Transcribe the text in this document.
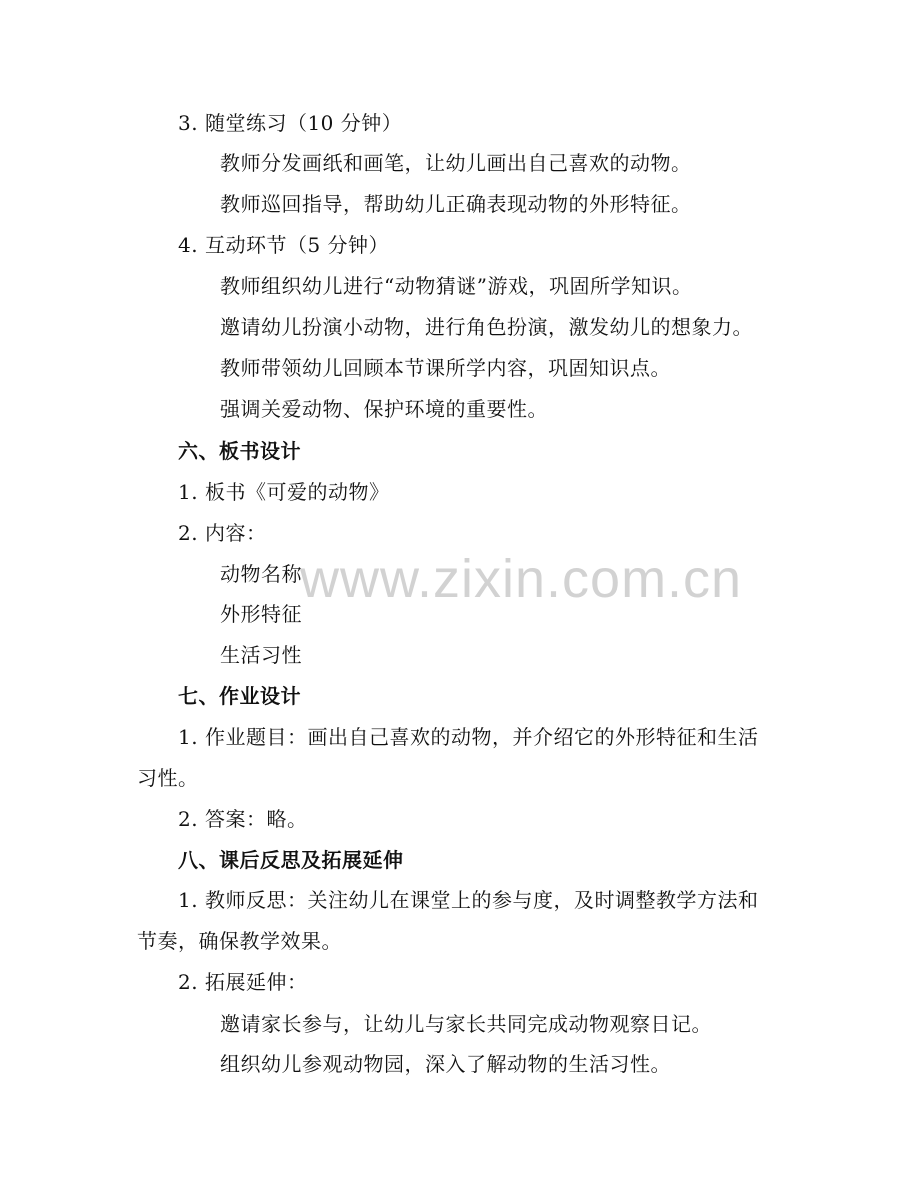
www.zixin.com.cn
3. 随堂练习（10 分钟）
教师分发画纸和画笔，让幼儿画出自己喜欢的动物。
教师巡回指导，帮助幼儿正确表现动物的外形特征。
4. 互动环节（5 分钟）
教师组织幼儿进行“动物猜谜”游戏，巩固所学知识。
邀请幼儿扮演小动物，进行角色扮演，激发幼儿的想象力。
教师带领幼儿回顾本节课所学内容，巩固知识点。
强调关爱动物、保护环境的重要性。
六、板书设计
1. 板书《可爱的动物》
2. 内容：
动物名称
外形特征
生活习性
七、作业设计
1. 作业题目：画出自己喜欢的动物，并介绍它的外形特征和生活
习性。
2. 答案：略。
八、课后反思及拓展延伸
1. 教师反思：关注幼儿在课堂上的参与度，及时调整教学方法和
节奏，确保教学效果。
2. 拓展延伸：
邀请家长参与，让幼儿与家长共同完成动物观察日记。
组织幼儿参观动物园，深入了解动物的生活习性。
